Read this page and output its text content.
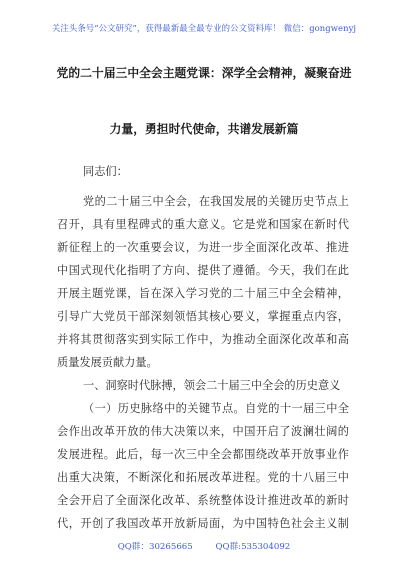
关注头条号“公文研究”，获得最新最全最专业的公文资料库！ 微信：gongwenyj
党的二十届三中全会主题党课：深学全会精神，凝聚奋进
力量，勇担时代使命，共谱发展新篇
同志们：
党的二十届三中全会，在我国发展的关键历史节点上
召开，具有里程碑式的重大意义。它是党和国家在新时代
新征程上的一次重要会议，为进一步全面深化改革、推进
中国式现代化指明了方向、提供了遵循。今天，我们在此
开展主题党课，旨在深入学习党的二十届三中全会精神，
引导广大党员干部深刻领悟其核心要义，掌握重点内容，
并将其贯彻落实到实际工作中，为推动全面深化改革和高
质量发展贡献力量。
一、洞察时代脉搏，领会二十届三中全会的历史意义
（一）历史脉络中的关键节点。自党的十一届三中全
会作出改革开放的伟大决策以来，中国开启了波澜壮阔的
发展进程。此后，每一次三中全会都围绕改革开放事业作
出重大决策，不断深化和拓展改革进程。党的十八届三中
全会开启了全面深化改革、系统整体设计推进改革的新时
代，开创了我国改革开放新局面，为中国特色社会主义制
QQ群：30265665	QQ群:535304092
